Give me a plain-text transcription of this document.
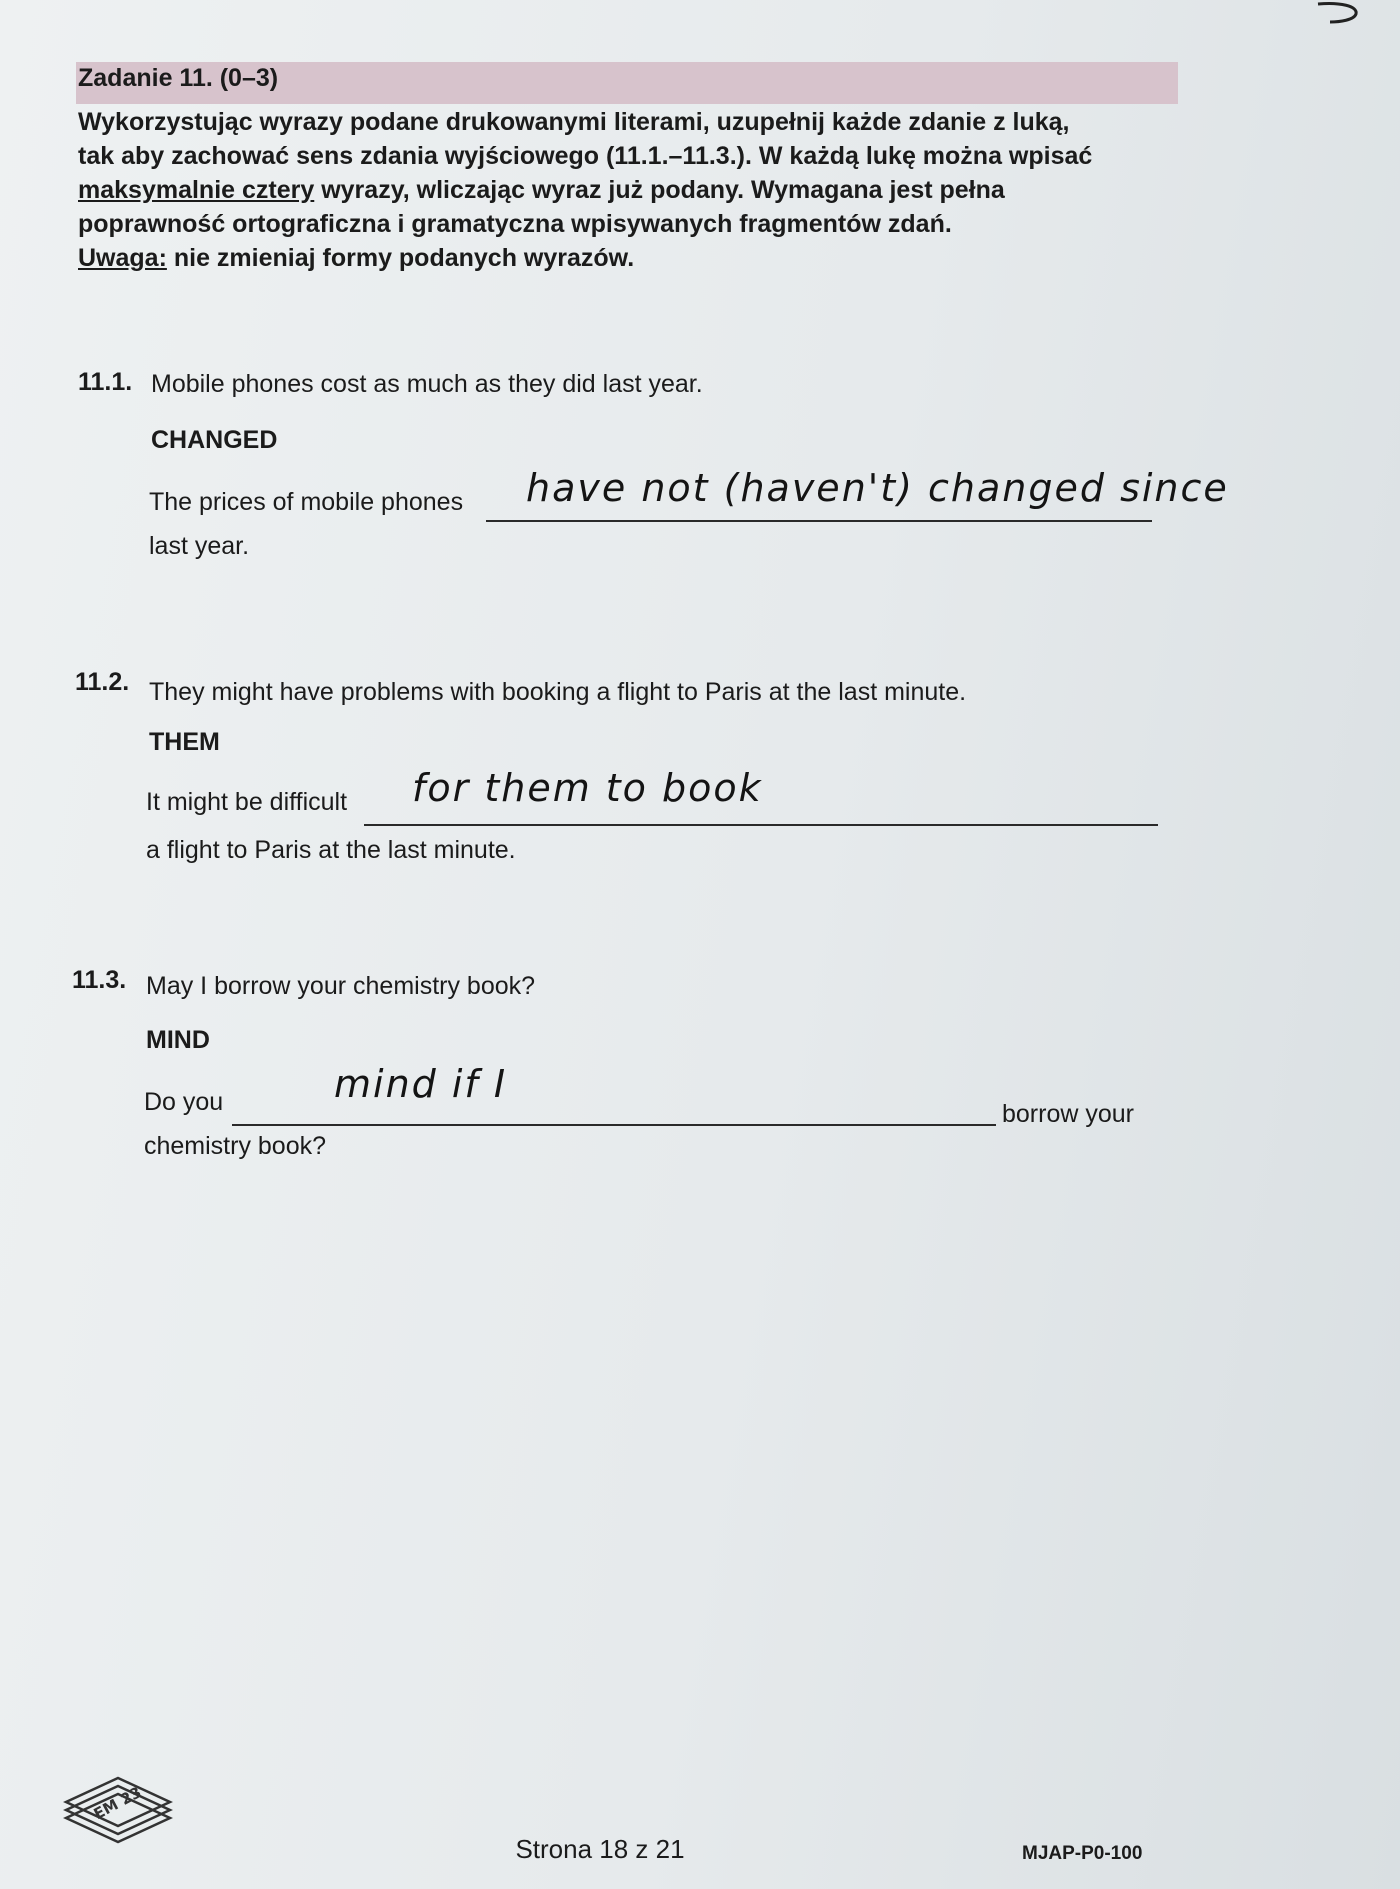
Zadanie 11. (0–3)

Wykorzystując wyrazy podane drukowanymi literami, uzupełnij każde zdanie z luką,

tak aby zachować sens zdania wyjściowego (11.1.–11.3.). W każdą lukę można wpisać

maksymalnie cztery wyrazy, wliczając wyraz już podany. Wymagana jest pełna

poprawność ortograficzna i gramatyczna wpisywanych fragmentów zdań.

Uwaga: nie zmieniaj formy podanych wyrazów.

11.1. Mobile phones cost as much as they did last year.
CHANGED
The prices of mobile phones have not (haven't) changed since
last year.
11.2. They might have problems with booking a flight to Paris at the last minute.
THEM
It might be difficult for them to book
a flight to Paris at the last minute.
11.3. May I borrow your chemistry book?
MIND
Do you	mind if I
borrow your
chemistry book?
EM 23
Strona 18 z 21	MJAP-P0-100
